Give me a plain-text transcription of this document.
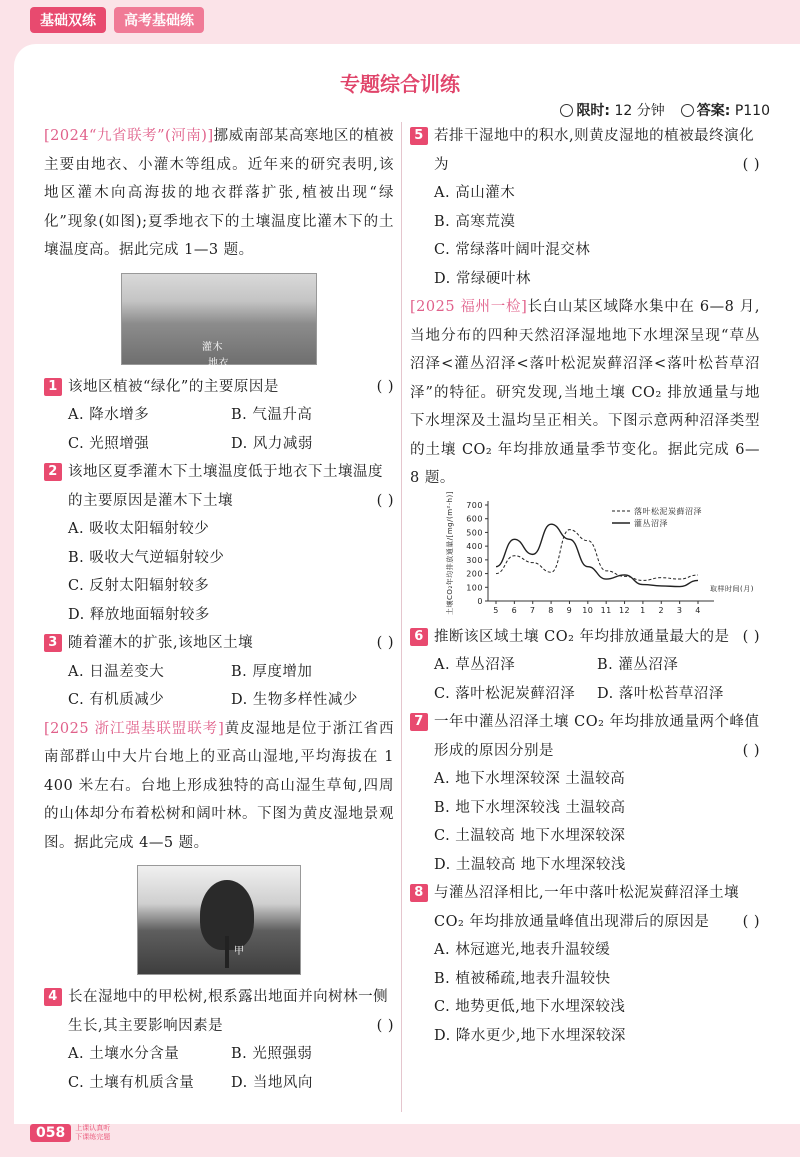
基础双练	高考基础练
专题综合训练
限时: 12 分钟	答案: P110

[2024“九省联考”(河南)]挪威南部某高寒地区的植被主要由地衣、小灌木等组成。近年来的研究表明,该地区灌木向高海拔的地衣群落扩张,植被出现“绿化”现象(如图);夏季地衣下的土壤温度比灌木下的土壤温度高。据此完成 1—3 题。

灌木
地衣
1 该地区植被“绿化”的主要原因是	( )
A. 降水增多	B. 气温升高
C. 光照增强	D. 风力减弱
2 该地区夏季灌木下土壤温度低于地衣下土壤温度的主要原因是灌木下土壤	( )
A. 吸收太阳辐射较少
B. 吸收大气逆辐射较少
C. 反射太阳辐射较多
D. 释放地面辐射较多
3 随着灌木的扩张,该地区土壤	( )
A. 日温差变大	B. 厚度增加
C. 有机质减少	D. 生物多样性减少

[2025 浙江强基联盟联考]黄皮湿地是位于浙江省西南部群山中大片台地上的亚高山湿地,平均海拔在 1 400 米左右。台地上形成独特的高山湿生草甸,四周的山体却分布着松树和阔叶林。下图为黄皮湿地景观图。据此完成 4—5 题。

甲
4 长在湿地中的甲松树,根系露出地面并向树林一侧生长,其主要影响因素是	( )
A. 土壤水分含量	B. 光照强弱
C. 土壤有机质含量	D. 当地风向
5 若排干湿地中的积水,则黄皮湿地的植被最终演化为	( )
A. 高山灌木
B. 高寒荒漠
C. 常绿落叶阔叶混交林
D. 常绿硬叶林

[2025 福州一检]长白山某区域降水集中在 6—8 月,当地分布的四种天然沼泽湿地地下水埋深呈现“草丛沼泽<灌丛沼泽<落叶松泥炭藓沼泽<落叶松苔草沼泽”的特征。研究发现,当地土壤 CO₂ 排放通量与地下水埋深及土温均呈正相关。下图示意两种沼泽类型的土壤 CO₂ 年均排放通量季节变化。据此完成 6—8 题。

0
100
200
300
400
500
600
700
5 6 7 8 9 10 11 12 1 2 3 4
土壤CO₂年均排放通量/[mg/(m²·h)]	取样时间(月)
落叶松泥炭藓沼泽
灌丛沼泽
6 推断该区域土壤 CO₂ 年均排放通量最大的是 ( )
A. 草丛沼泽	B. 灌丛沼泽
C. 落叶松泥炭藓沼泽	D. 落叶松苔草沼泽
7 一年中灌丛沼泽土壤 CO₂ 年均排放通量两个峰值形成的原因分别是	( )
A. 地下水埋深较深 土温较高
B. 地下水埋深较浅 土温较高
C. 土温较高 地下水埋深较深
D. 土温较高 地下水埋深较浅
8 与灌丛沼泽相比,一年中落叶松泥炭藓沼泽土壤 CO₂ 年均排放通量峰值出现滞后的原因是 ( )
A. 林冠遮光,地表升温较缓
B. 植被稀疏,地表升温较快
C. 地势更低,地下水埋深较浅
D. 降水更少,地下水埋深较深
058	上课认真听
下课练完题
